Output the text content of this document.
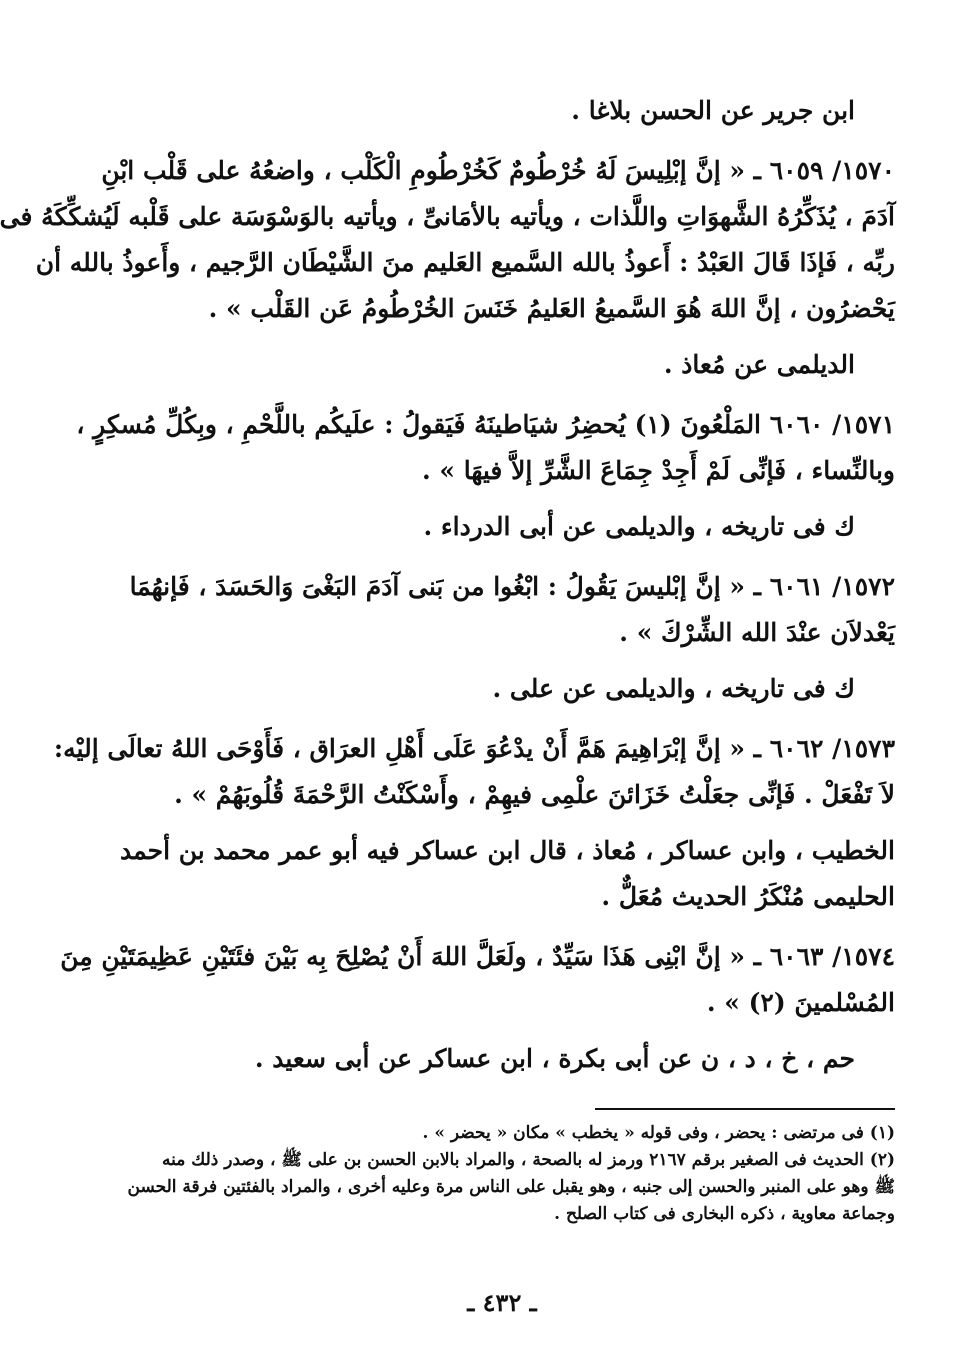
ابن جرير عن الحسن بلاغا .
١٥٧٠/ ٦٠٥٩ ـ « إنَّ إبْلِيسَ لَهُ خُرْطُومٌ كَخُرْطُومِ الْكَلْب ، واضعُهُ على قَلْب ابْنِ
آدَمَ ، يُذَكِّرُهُ الشَّهوَاتِ واللَّذات ، ويأتيه بالأمَانىِّ ، ويأتيه بالوَسْوَسَة على قَلْبه لَيُشكِّكَهُ فى
ربِّه ، فَإذَا قَالَ العَبْدُ : أَعوذُ بالله السَّميع العَليم منَ الشَّيْطَان الرَّجيم ، وأَعوذُ بالله أن
يَحْضرُون ، إنَّ اللهَ هُوَ السَّميعُ العَليمُ خَنَسَ الخُرْطُومُ عَن القَلْب » .
الديلمى عن مُعاذ .
١٥٧١/ ٦٠٦٠ المَلْعُونَ (١) يُحضِرُ شيَاطينَهُ فَيَقولُ : علَيكُم باللَّحْمِ ، وبِكُلِّ مُسكِرٍ ،
وبالنِّساء ، فَإنِّى لَمْ أَجِدْ جِمَاعَ الشَّرِّ إلاَّ فيهَا » .
ك فى تاريخه ، والديلمى عن أبى الدرداء .
١٥٧٢/ ٦٠٦١ ـ « إنَّ إبْليسَ يَقُولُ : ابْغُوا من بَنى آدَمَ البَغْىَ وَالحَسَدَ ، فَإنهُمَا
يَعْدلاَن عنْدَ الله الشِّرْكَ » .
ك فى تاريخه ، والديلمى عن على .
١٥٧٣/ ٦٠٦٢ ـ « إنَّ إبْرَاهِيمَ هَمَّ أَنْ يدْعُوَ عَلَى أَهْلِ العرَاق ، فَأَوْحَى اللهُ تعالَى إليْه:
لاَ تَفْعَلْ . فَإنِّى جعَلْتُ خَزَائنَ علْمِى فيهِمْ ، وأَسْكَنْتُ الرَّحْمَةَ قُلُوبَهُمْ » .
الخطيب ، وابن عساكر ، مُعاذ ، قال ابن عساكر فيه أبو عمر محمد بن أحمد
الحليمى مُنْكَرُ الحديث مُعَلٌّ .
١٥٧٤/ ٦٠٦٣ ـ « إنَّ ابْنِى هَذَا سَيِّدٌ ، ولَعَلَّ اللهَ أَنْ يُصْلِحَ بِه بَيْنَ فئَتَيْنِ عَظِيمَتَيْنِ مِنَ
المُسْلمينَ (٢) » .
حم ، خ ، د ، ن عن أبى بكرة ، ابن عساكر عن أبى سعيد .
(١) فى مرتضى : يحضر ، وفى قوله « يخطب » مكان « يحضر » .
(٢) الحديث فى الصغير برقم ٢١٦٧ ورمز له بالصحة ، والمراد بالابن الحسن بن على ﷺ ، وصدر ذلك منه
ﷺ وهو على المنبر والحسن إلى جنبه ، وهو يقبل على الناس مرة وعليه أخرى ، والمراد بالفئتين فرقة الحسن
وجماعة معاوية ، ذكره البخارى فى كتاب الصلح .
ـ ٤٣٢ ـ
